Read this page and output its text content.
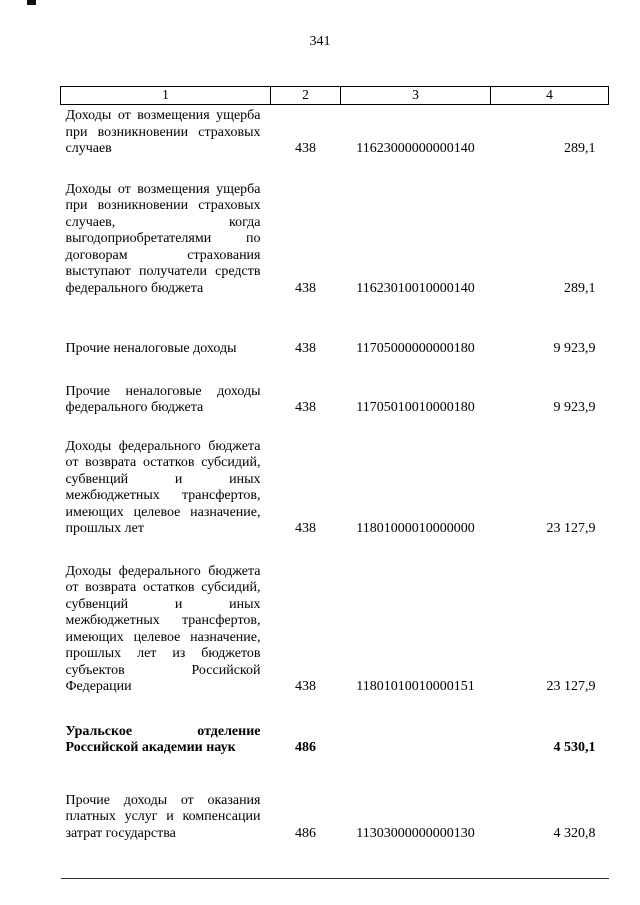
341
1	2	3	4
Доходы от возмещения ущерба при возникновении страховых случаев	438	11623000000000140	289,1
Доходы от возмещения ущерба при возникновении страховых случаев, когда выгодоприобретателями по договорам страхования выступают получатели средств федерального бюджета	438	11623010010000140	289,1
Прочие неналоговые доходы	438	11705000000000180	9 923,9
Прочие неналоговые доходы федерального бюджета	438	11705010010000180	9 923,9
Доходы федерального бюджета от возврата остатков субсидий, субвенций и иных межбюджетных трансфертов, имеющих целевое назначение, прошлых лет	438	11801000010000000	23 127,9
Доходы федерального бюджета от возврата остатков субсидий, субвенций и иных межбюджетных трансфертов, имеющих целевое назначение, прошлых лет из бюджетов субъектов Российской Федерации	438	11801010010000151	23 127,9
Уральское отделение Российской академии наук	486		4 530,1
Прочие доходы от оказания платных услуг и компенсации затрат государства	486	11303000000000130	4 320,8
